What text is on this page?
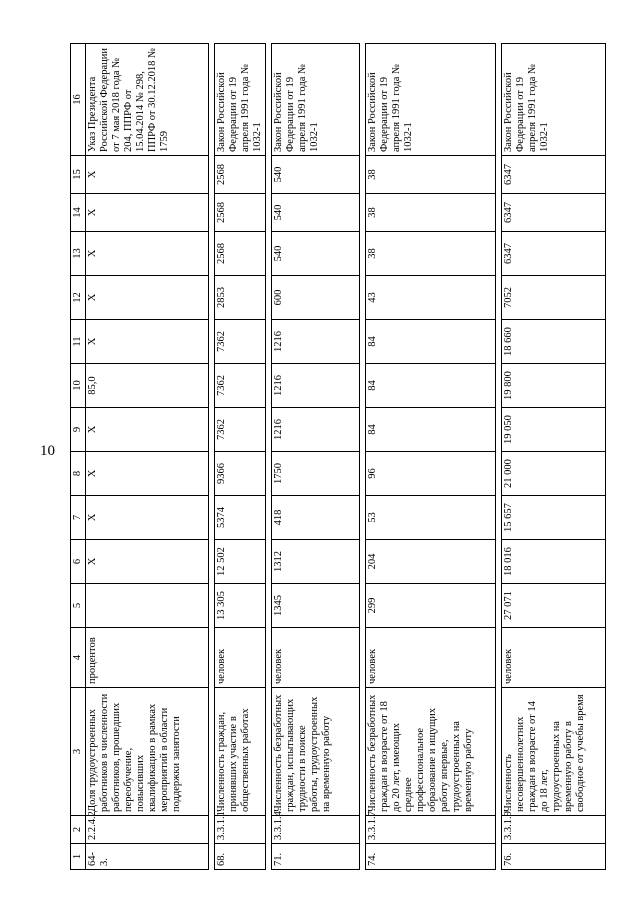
10
1	2	3	4	5	6	7	8	9	10	11	12	13	14	15	16
64-3.	2.2.4.2.	Доля трудоустроенных работников в численности работников, прошедших переобучение, повысивших квалификацию в рамках мероприятий в области поддержки занятости	процентов		Х	Х	Х	Х	85,0	Х	Х	Х	Х	Х	Указ Президента Российской Федерации от 7 мая 2018 года № 204, ППРФ от 15.04.2014 № 298, ППРФ от 30.12.2018 № 1759

68.	3.3.1.1.	Численность граждан, принявших участие в общественных работах	человек	13 305	12 502	5374	9366	7362	7362	7362	2853	2568	2568	2568	Закон Российской Федерации от 19 апреля 1991 года № 1032-1

71.	3.3.1.4.	Численность безработных граждан, испытывающих трудности в поиске работы, трудоустроенных на временную работу	человек	1345	1312	418	1750	1216	1216	1216	600	540	540	540	Закон Российской Федерации от 19 апреля 1991 года № 1032-1

74.	3.3.1.7.	Численность безработных граждан в возрасте от 18 до 20 лет, имеющих среднее профессиональное образование и ищущих работу впервые, трудоустроенных на временную работу	человек	299	204	53	96	84	84	84	43	38	38	38	Закон Российской Федерации от 19 апреля 1991 года № 1032-1

76.	3.3.1.9.	Численность несовершеннолетних граждан в возрасте от 14 до 18 лет, трудоустроенных на временную работу в свободное от учебы время	человек	27 071	18 016	15 657	21 000	19 050	19 800	18 660	7052	6347	6347	6347	Закон Российской Федерации от 19 апреля 1991 года № 1032-1
